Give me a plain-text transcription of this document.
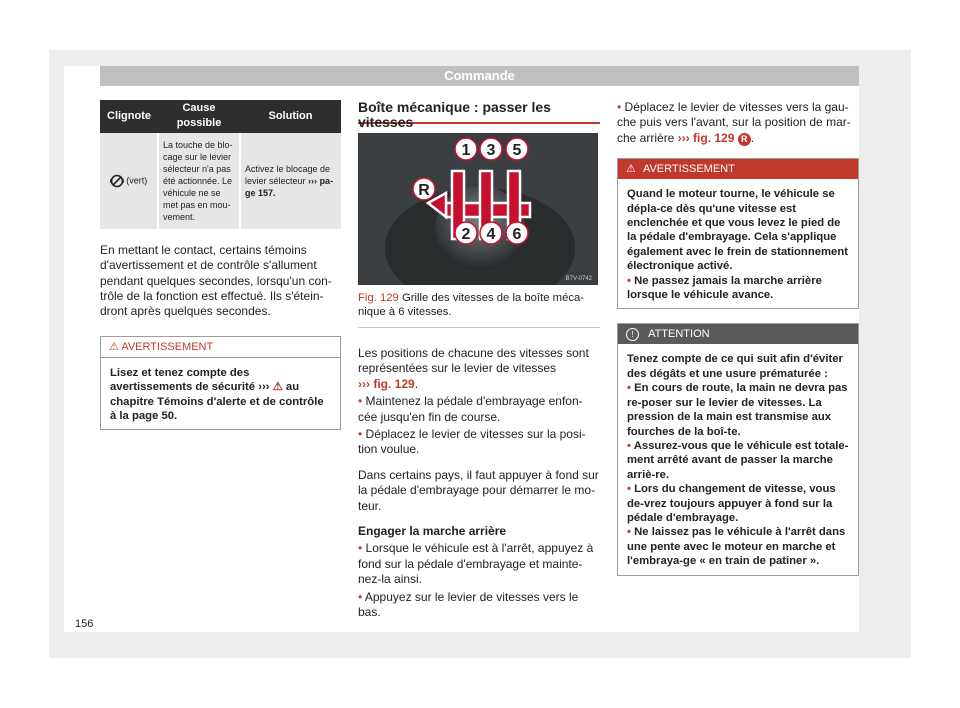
Commande
Clignote	Cause possible	Solution
(vert)	La touche de blo-cage sur le levier sélecteur n'a pas été actionnée. Le véhicule ne se met pas en mou-vement.	Activez le blocage de levier sélecteur ››› pa-ge 157.

En mettant le contact, certains témoins d'avertissement et de contrôle s'allument pendant quelques secondes, lorsqu'un con-trôle de la fonction est effectué. Ils s'étein-dront après quelques secondes.

⚠ AVERTISSEMENT
Lisez et tenez compte des avertissements de sécurité ››› ⚠ au chapitre Témoins d'alerte et de contrôle à la page 50.
Boîte mécanique : passer les vitesses
1 3 5
R
2 4 6
B7V-0742
Fig. 129 Grille des vitesses de la boîte méca-nique à 6 vitesses.

Les positions de chacune des vitesses sont représentées sur le levier de vitesses
››› fig. 129.

• Maintenez la pédale d'embrayage enfon-cée jusqu'en fin de course.

• Déplacez le levier de vitesses sur la posi-tion voulue.

Dans certains pays, il faut appuyer à fond sur la pédale d'embrayage pour démarrer le mo-teur.

Engager la marche arrière

• Lorsque le véhicule est à l'arrêt, appuyez à fond sur la pédale d'embrayage et mainte-nez-la ainsi.

• Appuyez sur le levier de vitesses vers le bas.

• Déplacez le levier de vitesses vers la gau-che puis vers l'avant, sur la position de mar-che arrière ››› fig. 129 R .

⚠ AVERTISSEMENT
Quand le moteur tourne, le véhicule se dépla-ce dès qu'une vitesse est enclenchée et que vous levez le pied de la pédale d'embrayage. Cela s'applique également avec le frein de stationnement électronique activé.
• Ne passez jamais la marche arrière lorsque le véhicule avance.
! ATTENTION
Tenez compte de ce qui suit afin d'éviter des dégâts et une usure prématurée :
• En cours de route, la main ne devra pas re-poser sur le levier de vitesses. La pression de la main est transmise aux fourches de la boî-te.
• Assurez-vous que le véhicule est totale-ment arrêté avant de passer la marche arriè-re.
• Lors du changement de vitesse, vous de-vrez toujours appuyer à fond sur la pédale d'embrayage.
• Ne laissez pas le véhicule à l'arrêt dans une pente avec le moteur en marche et l'embraya-ge « en train de patiner ».
156
